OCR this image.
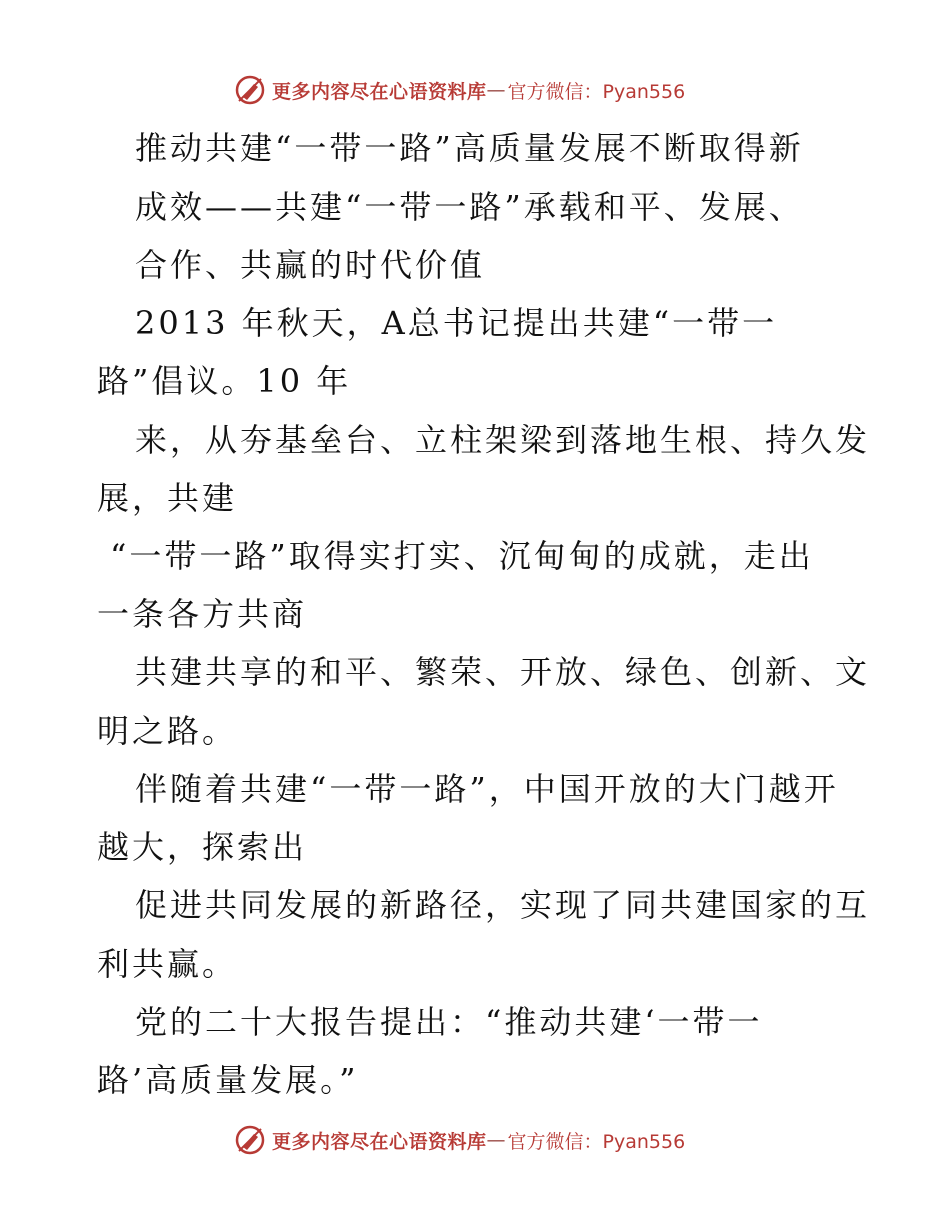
更多内容尽在心语资料库 — 官方微信：Pyan556
推动共建“一带一路”高质量发展不断取得新
成效——共建“一带一路”承载和平、发展、
合作、共赢的时代价值
2013 年秋天，A总书记提出共建“一带一
路”倡议。10 年
来，从夯基垒台、立柱架梁到落地生根、持久发
展，共建
“一带一路”取得实打实、沉甸甸的成就，走出
一条各方共商
共建共享的和平、繁荣、开放、绿色、创新、文
明之路。
伴随着共建“一带一路”，中国开放的大门越开
越大，探索出
促进共同发展的新路径，实现了同共建国家的互
利共赢。
党的二十大报告提出：“推动共建‘一带一
路’高质量发展。”
更多内容尽在心语资料库 — 官方微信：Pyan556
